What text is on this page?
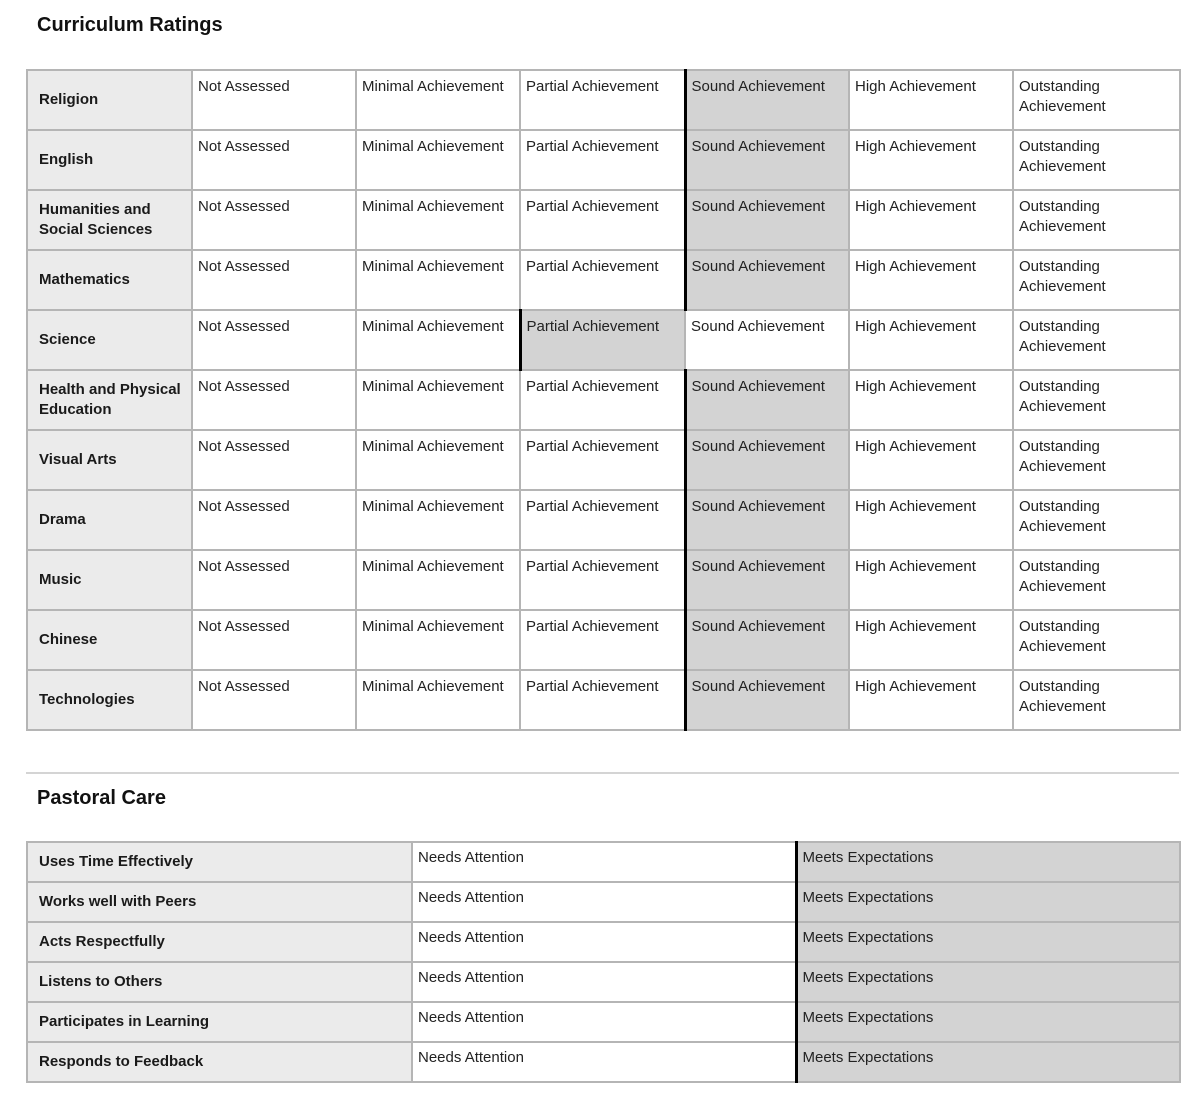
Curriculum Ratings
Religion	Not Assessed	Minimal Achievement	Partial Achievement	Sound Achievement	High Achievement	Outstanding Achievement
English	Not Assessed	Minimal Achievement	Partial Achievement	Sound Achievement	High Achievement	Outstanding Achievement
Humanities and Social Sciences	Not Assessed	Minimal Achievement	Partial Achievement	Sound Achievement	High Achievement	Outstanding Achievement
Mathematics	Not Assessed	Minimal Achievement	Partial Achievement	Sound Achievement	High Achievement	Outstanding Achievement
Science	Not Assessed	Minimal Achievement	Partial Achievement	Sound Achievement	High Achievement	Outstanding Achievement
Health and Physical Education	Not Assessed	Minimal Achievement	Partial Achievement	Sound Achievement	High Achievement	Outstanding Achievement
Visual Arts	Not Assessed	Minimal Achievement	Partial Achievement	Sound Achievement	High Achievement	Outstanding Achievement
Drama	Not Assessed	Minimal Achievement	Partial Achievement	Sound Achievement	High Achievement	Outstanding Achievement
Music	Not Assessed	Minimal Achievement	Partial Achievement	Sound Achievement	High Achievement	Outstanding Achievement
Chinese	Not Assessed	Minimal Achievement	Partial Achievement	Sound Achievement	High Achievement	Outstanding Achievement
Technologies	Not Assessed	Minimal Achievement	Partial Achievement	Sound Achievement	High Achievement	Outstanding Achievement
Pastoral Care
Uses Time Effectively	Needs Attention	Meets Expectations
Works well with Peers	Needs Attention	Meets Expectations
Acts Respectfully	Needs Attention	Meets Expectations
Listens to Others	Needs Attention	Meets Expectations
Participates in Learning	Needs Attention	Meets Expectations
Responds to Feedback	Needs Attention	Meets Expectations
